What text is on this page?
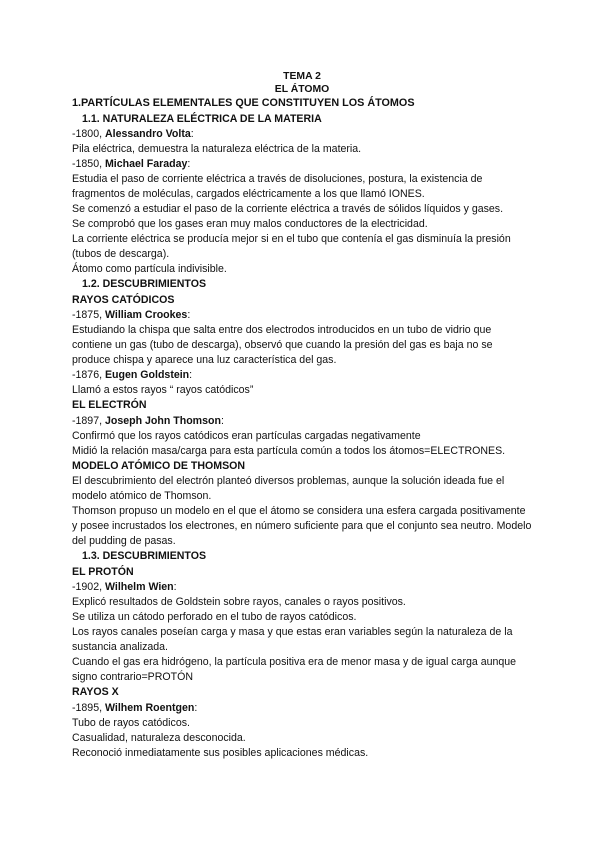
TEMA 2
EL ÁTOMO
1.PARTÍCULAS ELEMENTALES QUE CONSTITUYEN LOS ÁTOMOS
1.1. NATURALEZA ELÉCTRICA DE LA MATERIA
-1800, Alessandro Volta:
Pila eléctrica, demuestra la naturaleza eléctrica de la materia.
-1850, Michael Faraday:
Estudia el paso de corriente eléctrica a través de disoluciones, postura, la existencia de fragmentos de moléculas, cargados eléctricamente a los que llamó IONES.
Se comenzó a estudiar el paso de la corriente eléctrica a través de sólidos líquidos y gases.
Se comprobó que los gases eran muy malos conductores de la electricidad.
La corriente eléctrica se producía mejor si en el tubo que contenía el gas disminuía la presión (tubos de descarga).
Átomo como partícula indivisible.
1.2. DESCUBRIMIENTOS
RAYOS CATÓDICOS
-1875, William Crookes:
Estudiando la chispa que salta entre dos electrodos introducidos en un tubo de vidrio que contiene un gas (tubo de descarga), observó que cuando la presión del gas es baja no se produce chispa y aparece una luz característica del gas.
-1876, Eugen Goldstein:
Llamó a estos rayos “ rayos catódicos”
EL ELECTRÓN
-1897, Joseph John Thomson:
Confirmó que los rayos catódicos eran partículas cargadas negativamente
Midió la relación masa/carga para esta partícula común a todos los átomos=ELECTRONES.
MODELO ATÓMICO DE THOMSON
El descubrimiento del electrón planteó diversos problemas, aunque la solución ideada fue el modelo atómico de Thomson.
Thomson propuso un modelo en el que el átomo se considera una esfera cargada positivamente y posee incrustados los electrones, en número suficiente para que el conjunto sea neutro. Modelo del pudding de pasas.
1.3. DESCUBRIMIENTOS
EL PROTÓN
-1902, Wilhelm Wien:
Explicó resultados de Goldstein sobre rayos, canales o rayos positivos.
Se utiliza un cátodo perforado en el tubo de rayos catódicos.
Los rayos canales poseían carga y masa y que estas eran variables según la naturaleza de la sustancia analizada.
Cuando el gas era hidrógeno, la partícula positiva era de menor masa y de igual carga aunque signo contrario=PROTÓN
RAYOS X
-1895, Wilhem Roentgen:
Tubo de rayos catódicos.
Casualidad, naturaleza desconocida.
Reconoció inmediatamente sus posibles aplicaciones médicas.
